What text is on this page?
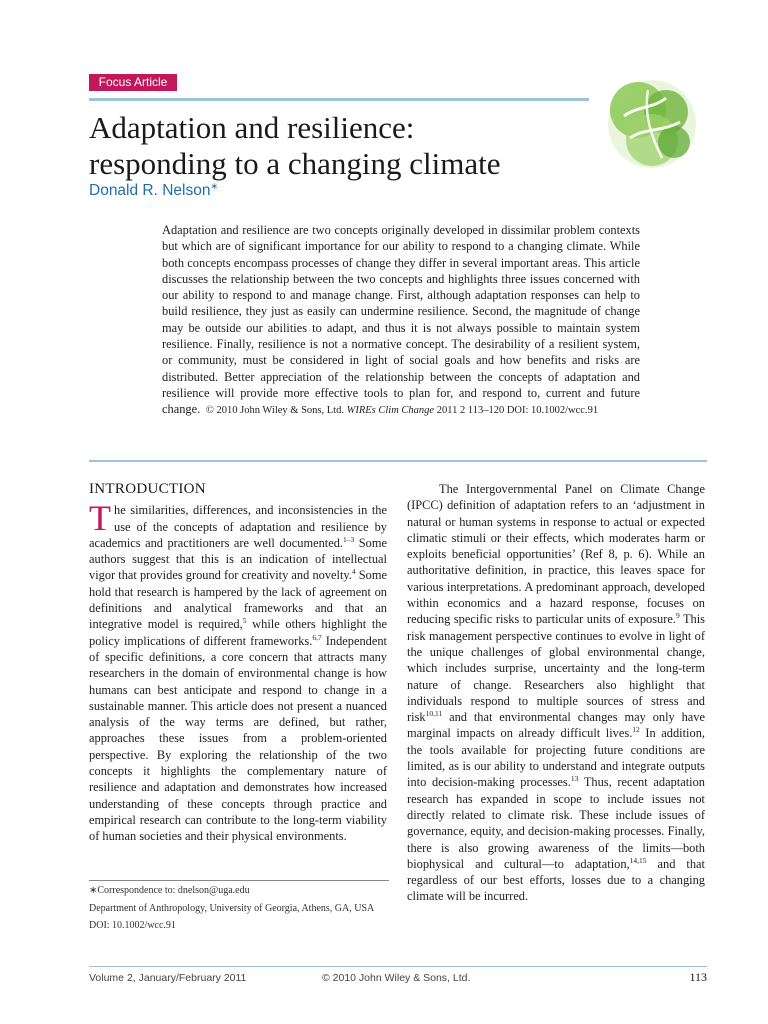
Focus Article
Adaptation and resilience:
responding to a changing climate
Donald R. Nelson∗
Adaptation and resilience are two concepts originally developed in dissimilar problem contexts but which are of significant importance for our ability to respond to a changing climate. While both concepts encompass processes of change they differ in several important areas. This article discusses the relationship between the two concepts and highlights three issues concerned with our ability to respond to and manage change. First, although adaptation responses can help to build resilience, they just as easily can undermine resilience. Second, the magnitude of change may be outside our abilities to adapt, and thus it is not always possible to maintain system resilience. Finally, resilience is not a normative concept. The desirability of a resilient system, or community, must be considered in light of social goals and how benefits and risks are distributed. Better appreciation of the relationship between the concepts of adaptation and resilience will provide more effective tools to plan for, and respond to, current and future change. © 2010 John Wiley & Sons, Ltd. WIREs Clim Change 2011 2 113–120 DOI: 10.1002/wcc.91
INTRODUCTION

The similarities, differences, and inconsistencies in the use of the concepts of adaptation and resilience by academics and practitioners are well documented.$^{1-3}$ Some authors suggest that this is an indication of intellectual vigor that provides ground for creativity and novelty.$^4$ Some hold that research is hampered by the lack of agreement on definitions and analytical frameworks and that an integrative model is required,$^5$ while others highlight the policy implications of different frameworks.$^{6,7}$ Independent of specific definitions, a core concern that attracts many researchers in the domain of environmental change is how humans can best anticipate and respond to change in a sustainable manner. This article does not present a nuanced analysis of the way terms are defined, but rather, approaches these issues from a problem-oriented perspective. By exploring the relationship of the two concepts it highlights the complementary nature of resilience and adaptation and demonstrates how increased understanding of these concepts through practice and empirical research can contribute to the long-term viability of human societies and their physical environments.

The Intergovernmental Panel on Climate Change (IPCC) definition of adaptation refers to an ‘adjustment in natural or human systems in response to actual or expected climatic stimuli or their effects, which moderates harm or exploits beneficial opportunities’ (Ref 8, p. 6). While an authoritative definition, in practice, this leaves space for various interpretations. A predominant approach, developed within economics and a hazard response, focuses on reducing specific risks to particular units of exposure.$^9$ This risk management perspective continues to evolve in light of the unique challenges of global environmental change, which includes surprise, uncertainty and the long-term nature of change. Researchers also highlight that individuals respond to multiple sources of stress and risk$^{10,11}$ and that environmental changes may only have marginal impacts on already difficult lives.$^{12}$ In addition, the tools available for projecting future conditions are limited, as is our ability to understand and integrate outputs into decision-making processes.$^{13}$ Thus, recent adaptation research has expanded in scope to include issues not directly related to climate risk. These include issues of governance, equity, and decision-making processes. Finally, there is also growing awareness of the limits—both biophysical and cultural—to adaptation,$^{14,15}$ and that regardless of our best efforts, losses due to a changing climate will be incurred.

∗Correspondence to: dnelson@uga.edu

Department of Anthropology, University of Georgia, Athens, GA, USA

DOI: 10.1002/wcc.91

Volume 2, January/February 2011	© 2010 John Wiley & Sons, Ltd.	113
